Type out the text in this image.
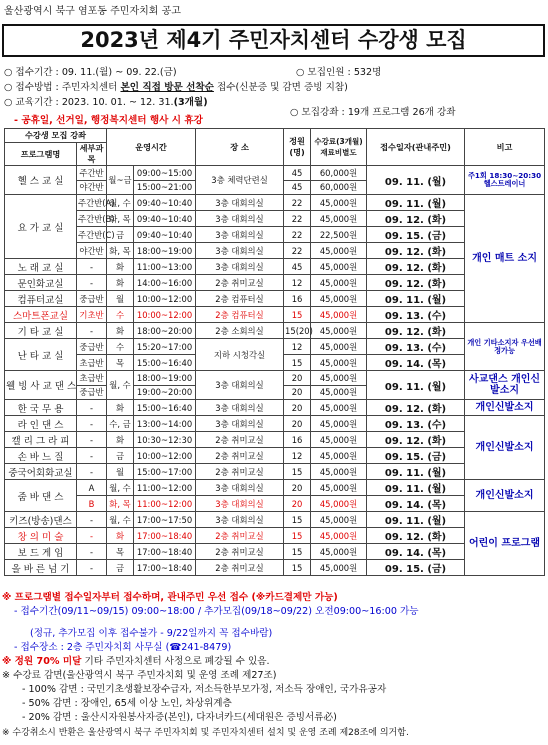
울산광역시 북구 염포동 주민자치회 공고
2023년 제4기 주민자치센터 수강생 모집
○ 접수기간 : 09. 11.(월) ~ 09. 22.(금)	○ 모집인원 : 532명
○ 접수방법 : 주민자치센터 본인 직접 방문 선착순 접수(신분증 및 감면 증빙 지참)
○ 교육기간 : 2023. 10. 01. ~ 12. 31.(3개월)
○ 모집강좌 : 19개 프로그램 26개 강좌
- 공휴일, 선거일, 행정복지센터 행사 시 휴강
수강생 모집 강좌		운영시간		장 소	정원(명)	수강료(3개월)재료비별도	접수일자(관내주민)	비고
프로그램명	세부과목							
헬 스 교 실	주간반	월~금	09:00~15:00	3층 체력단련실	45	60,000원	09. 11. (월)	주1회 18:30~20:30 헬스트레이너
	야간반		15:00~21:00		45	60,000원		
요 가 교 실	주간반(A)	월, 수	09:40~10:40	3층 대회의실	22	45,000원	09. 11. (월)	개인 매트 소지
	주간반(B)	화, 목	09:40~10:40	3층 대회의실	22	45,000원	09. 12. (화)	
	주간반(C)	금	09:40~10:40	3층 대회의실	22	22,500원	09. 15. (금)	
	야간반	화, 목	18:00~19:00	3층 대회의실	22	45,000원	09. 12. (화)	
노 래 교 실	-	화	11:00~13:00	3층 대회의실	45	45,000원	09. 12. (화)	
문인화교실	-	화	14:00~16:00	2층 취미교실	12	45,000원	09. 12. (화)	
컴퓨터교실	중급반	월	10:00~12:00	2층 컴퓨터실	16	45,000원	09. 11. (월)	
스마트폰교실	기초반	수	10:00~12:00	2층 컴퓨터실	15	45,000원	09. 13. (수)	
기 타 교 실	-	화	18:00~20:00	2층 소회의실	15(20)	45,000원	09. 12. (화)	개인 기타소지자 우선배정가능
난 타 교 실	중급반	수	15:20~17:00	지하 시청각실	12	45,000원	09. 13. (수)	
	초급반	목	15:00~16:40		15	45,000원	09. 14. (목)	
웰 빙 사 교 댄 스	초급반	월, 수	18:00~19:00	3층 대회의실	20	45,000원	09. 11. (월)	사교댄스 개인신발소지
	중급반		19:00~20:00		20	45,000원		
한 국 무 용	-	화	15:00~16:40	3층 대회의실	20	45,000원	09. 12. (화)	개인신발소지
라 인 댄 스	-	수, 금	13:00~14:00	3층 대회의실	20	45,000원	09. 13. (수)	개인신발소지
캘 리 그 라 피	-	화	10:30~12:30	2층 취미교실	16	45,000원	09. 12. (화)	
손 바 느 질	-	금	10:00~12:00	2층 취미교실	12	45,000원	09. 15. (금)	
중국어회화교실	-	월	15:00~17:00	2층 취미교실	15	45,000원	09. 11. (월)	
줌 바 댄 스	A	월, 수	11:00~12:00	3층 대회의실	20	45,000원	09. 11. (월)	개인신발소지
	B	화, 목	11:00~12:00	3층 대회의실	20	45,000원	09. 14. (목)	
키즈(방송)댄스	-	월, 수	17:00~17:50	3층 대회의실	15	45,000원	09. 11. (월)	어린이 프로그램
창 의 미 술	-	화	17:00~18:40	2층 취미교실	15	45,000원	09. 12. (화)	
보 드 게 임	-	목	17:00~18:40	2층 취미교실	15	45,000원	09. 14. (목)	
올 바 른 넘 기	-	금	17:00~18:40	2층 취미교실	15	45,000원	09. 15. (금)	
※ 프로그램별 접수일자부터 접수하며, 관내주민 우선 접수 (※카드결제만 가능)
- 접수기간(09/11~09/15) 09:00~18:00 / 추가모집(09/18~09/22) 오전09:00~16:00 가능
(정규, 추가모집 이후 접수불가 - 9/22일까지 꼭 접수바람)
- 접수장소 : 2층 주민자치회 사무실 (☎241-8479)
※ 정원 70% 미달 기타 주민자치센터 사정으로 폐강될 수 있음.
※ 수강료 감면(울산광역시 북구 주민자치회 및 운영 조례 제27조)
- 100% 감면 : 국민기초생활보장수급자, 저소득한부모가정, 저소득 장애인, 국가유공자
- 50% 감면 : 장애인, 65세 이상 노인, 차상위계층
- 20% 감면 : 울산시자원봉사자증(본인), 다자녀카드(세대원은 증빙서류必)
※ 수강취소시 반환은 울산광역시 북구 주민자치회 및 주민자치센터 설치 및 운영 조례 제28조에 의거함.
